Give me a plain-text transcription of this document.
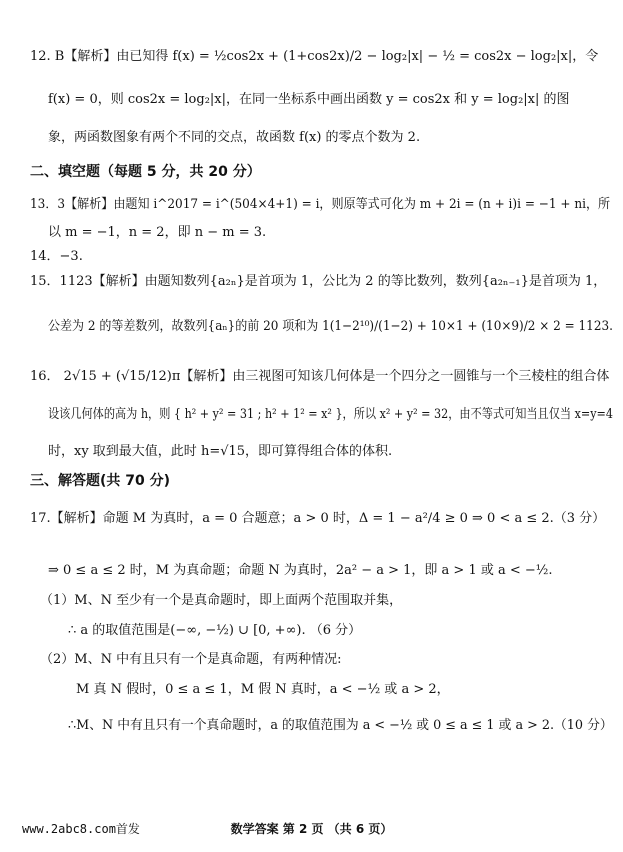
12. B【解析】由已知得 f(x) = ½cos2x + (1+cos2x)/2 − log₂|x| − ½ = cos2x − log₂|x|，令
f(x) = 0，则 cos2x = log₂|x|，在同一坐标系中画出函数 y = cos2x 和 y = log₂|x| 的图
象，两函数图象有两个不同的交点，故函数 f(x) 的零点个数为 2.
二、填空题（每题 5 分，共 20 分）
13．3【解析】由题知 i^2017 = i^(504×4+1) = i，则原等式可化为 m + 2i = (n + i)i = −1 + ni，所
以 m = −1，n = 2，即 n − m = 3.
14．−3.
15．1123【解析】由题知数列{a₂ₙ}是首项为 1，公比为 2 的等比数列，数列{a₂ₙ₋₁}是首项为 1，
公差为 2 的等差数列，故数列{aₙ}的前 20 项和为 1(1−2¹⁰)/(1−2) + 10×1 + (10×9)/2 × 2 = 1123.
16． 2√15 + (√15/12)π【解析】由三视图可知该几何体是一个四分之一圆锥与一个三棱柱的组合体
设该几何体的高为 h，则 { h² + y² = 31 ; h² + 1² = x² }，所以 x² + y² = 32，由不等式可知当且仅当 x=y=4
时，xy 取到最大值，此时 h=√15，即可算得组合体的体积.
三、解答题(共 70 分)
17.【解析】命题 M 为真时，a = 0 合题意；a > 0 时，Δ = 1 − a²/4 ≥ 0 ⇒ 0 < a ≤ 2.（3 分）
⇒ 0 ≤ a ≤ 2 时，M 为真命题；命题 N 为真时，2a² − a > 1，即 a > 1 或 a < −½.
（1）M、N 至少有一个是真命题时，即上面两个范围取并集，
∴ a 的取值范围是(−∞, −½) ∪ [0, +∞). （6 分）
（2）M、N 中有且只有一个是真命题，有两种情况:
M 真 N 假时，0 ≤ a ≤ 1，M 假 N 真时，a < −½ 或 a > 2，
∴M、N 中有且只有一个真命题时，a 的取值范围为 a < −½ 或 0 ≤ a ≤ 1 或 a > 2.（10 分）
www.2abc8.com首发	数学答案 第 2 页 （共 6 页）
